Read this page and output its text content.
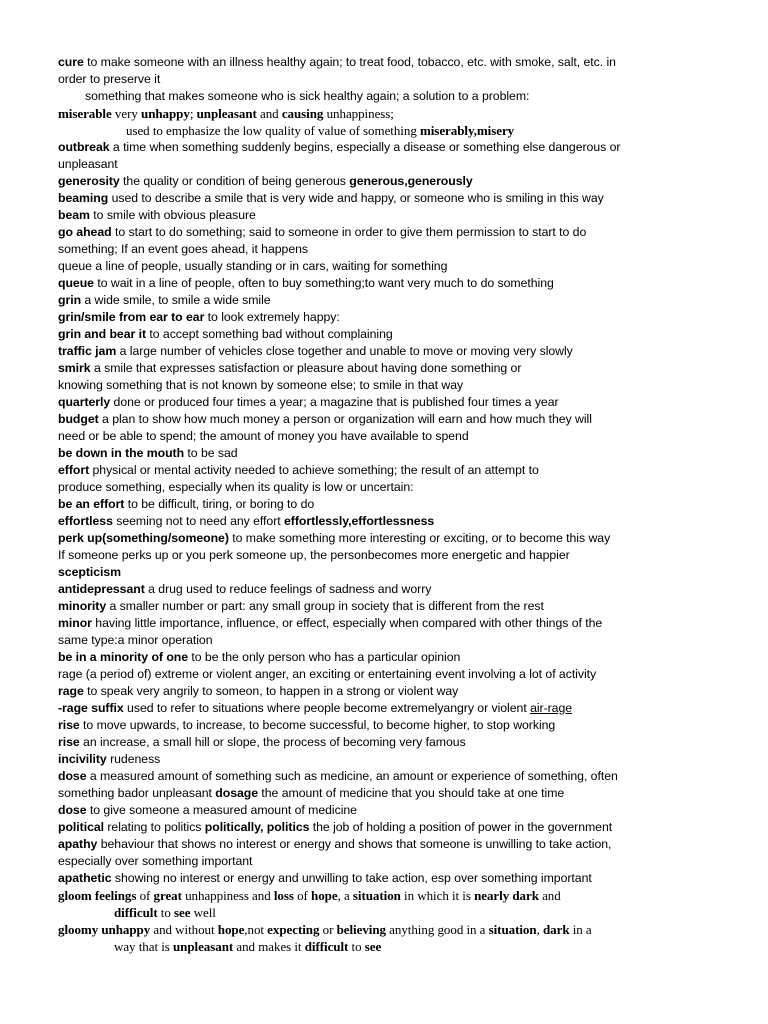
cure to make someone with an illness healthy again; to treat food, tobacco, etc. with smoke, salt, etc. in
order to preserve it
something that makes someone who is sick healthy again; a solution to a problem:
miserable very unhappy; unpleasant and causing unhappiness;
used to emphasize the low quality of value of something miserably,misery
outbreak a time when something suddenly begins, especially a disease or something else dangerous or
unpleasant
generosity the quality or condition of being generous generous,generously
beaming used to describe a smile that is very wide and happy, or someone who is smiling in this way
beam to smile with obvious pleasure
go ahead to start to do something; said to someone in order to give them permission to start to do
something; If an event goes ahead, it happens
queue a line of people, usually standing or in cars, waiting for something
queue to wait in a line of people, often to buy something;to want very much to do something
grin a wide smile, to smile a wide smile
grin/smile from ear to ear to look extremely happy:
grin and bear it to accept something bad without complaining
traffic jam a large number of vehicles close together and unable to move or moving very slowly
smirk a smile that expresses satisfaction or pleasure about having done something or
knowing something that is not known by someone else; to smile in that way
quarterly done or produced four times a year; a magazine that is published four times a year
budget a plan to show how much money a person or organization will earn and how much they will
need or be able to spend; the amount of money you have available to spend
be down in the mouth to be sad
effort physical or mental activity needed to achieve something; the result of an attempt to
produce something, especially when its quality is low or uncertain:
be an effort to be difficult, tiring, or boring to do
effortless seeming not to need any effort effortlessly,effortlessness
perk up(something/someone) to make something more interesting or exciting, or to become this way
If someone perks up or you perk someone up, the personbecomes more energetic and happier
scepticism
antidepressant a drug used to reduce feelings of sadness and worry
minority a smaller number or part: any small group in society that is different from the rest
minor having little importance, influence, or effect, especially when compared with other things of the
same type:a minor operation
be in a minority of one to be the only person who has a particular opinion
rage (a period of) extreme or violent anger, an exciting or entertaining event involving a lot of activity
rage to speak very angrily to someon, to happen in a strong or violent way
-rage suffix used to refer to situations where people become extremelyangry or violent air-rage
rise to move upwards, to increase, to become successful, to become higher, to stop working
rise an increase, a small hill or slope, the process of becoming very famous
incivility rudeness
dose a measured amount of something such as medicine, an amount or experience of something, often
something bador unpleasant dosage the amount of medicine that you should take at one time
dose to give someone a measured amount of medicine
political relating to politics politically, politics the job of holding a position of power in the government
apathy behaviour that shows no interest or energy and shows that someone is unwilling to take action,
especially over something important
apathetic showing no interest or energy and unwilling to take action, esp over something important
gloom feelings of great unhappiness and loss of hope, a situation in which it is nearly dark and
difficult to see well
gloomy unhappy and without hope,not expecting or believing anything good in a situation, dark in a
way that is unpleasant and makes it difficult to see
